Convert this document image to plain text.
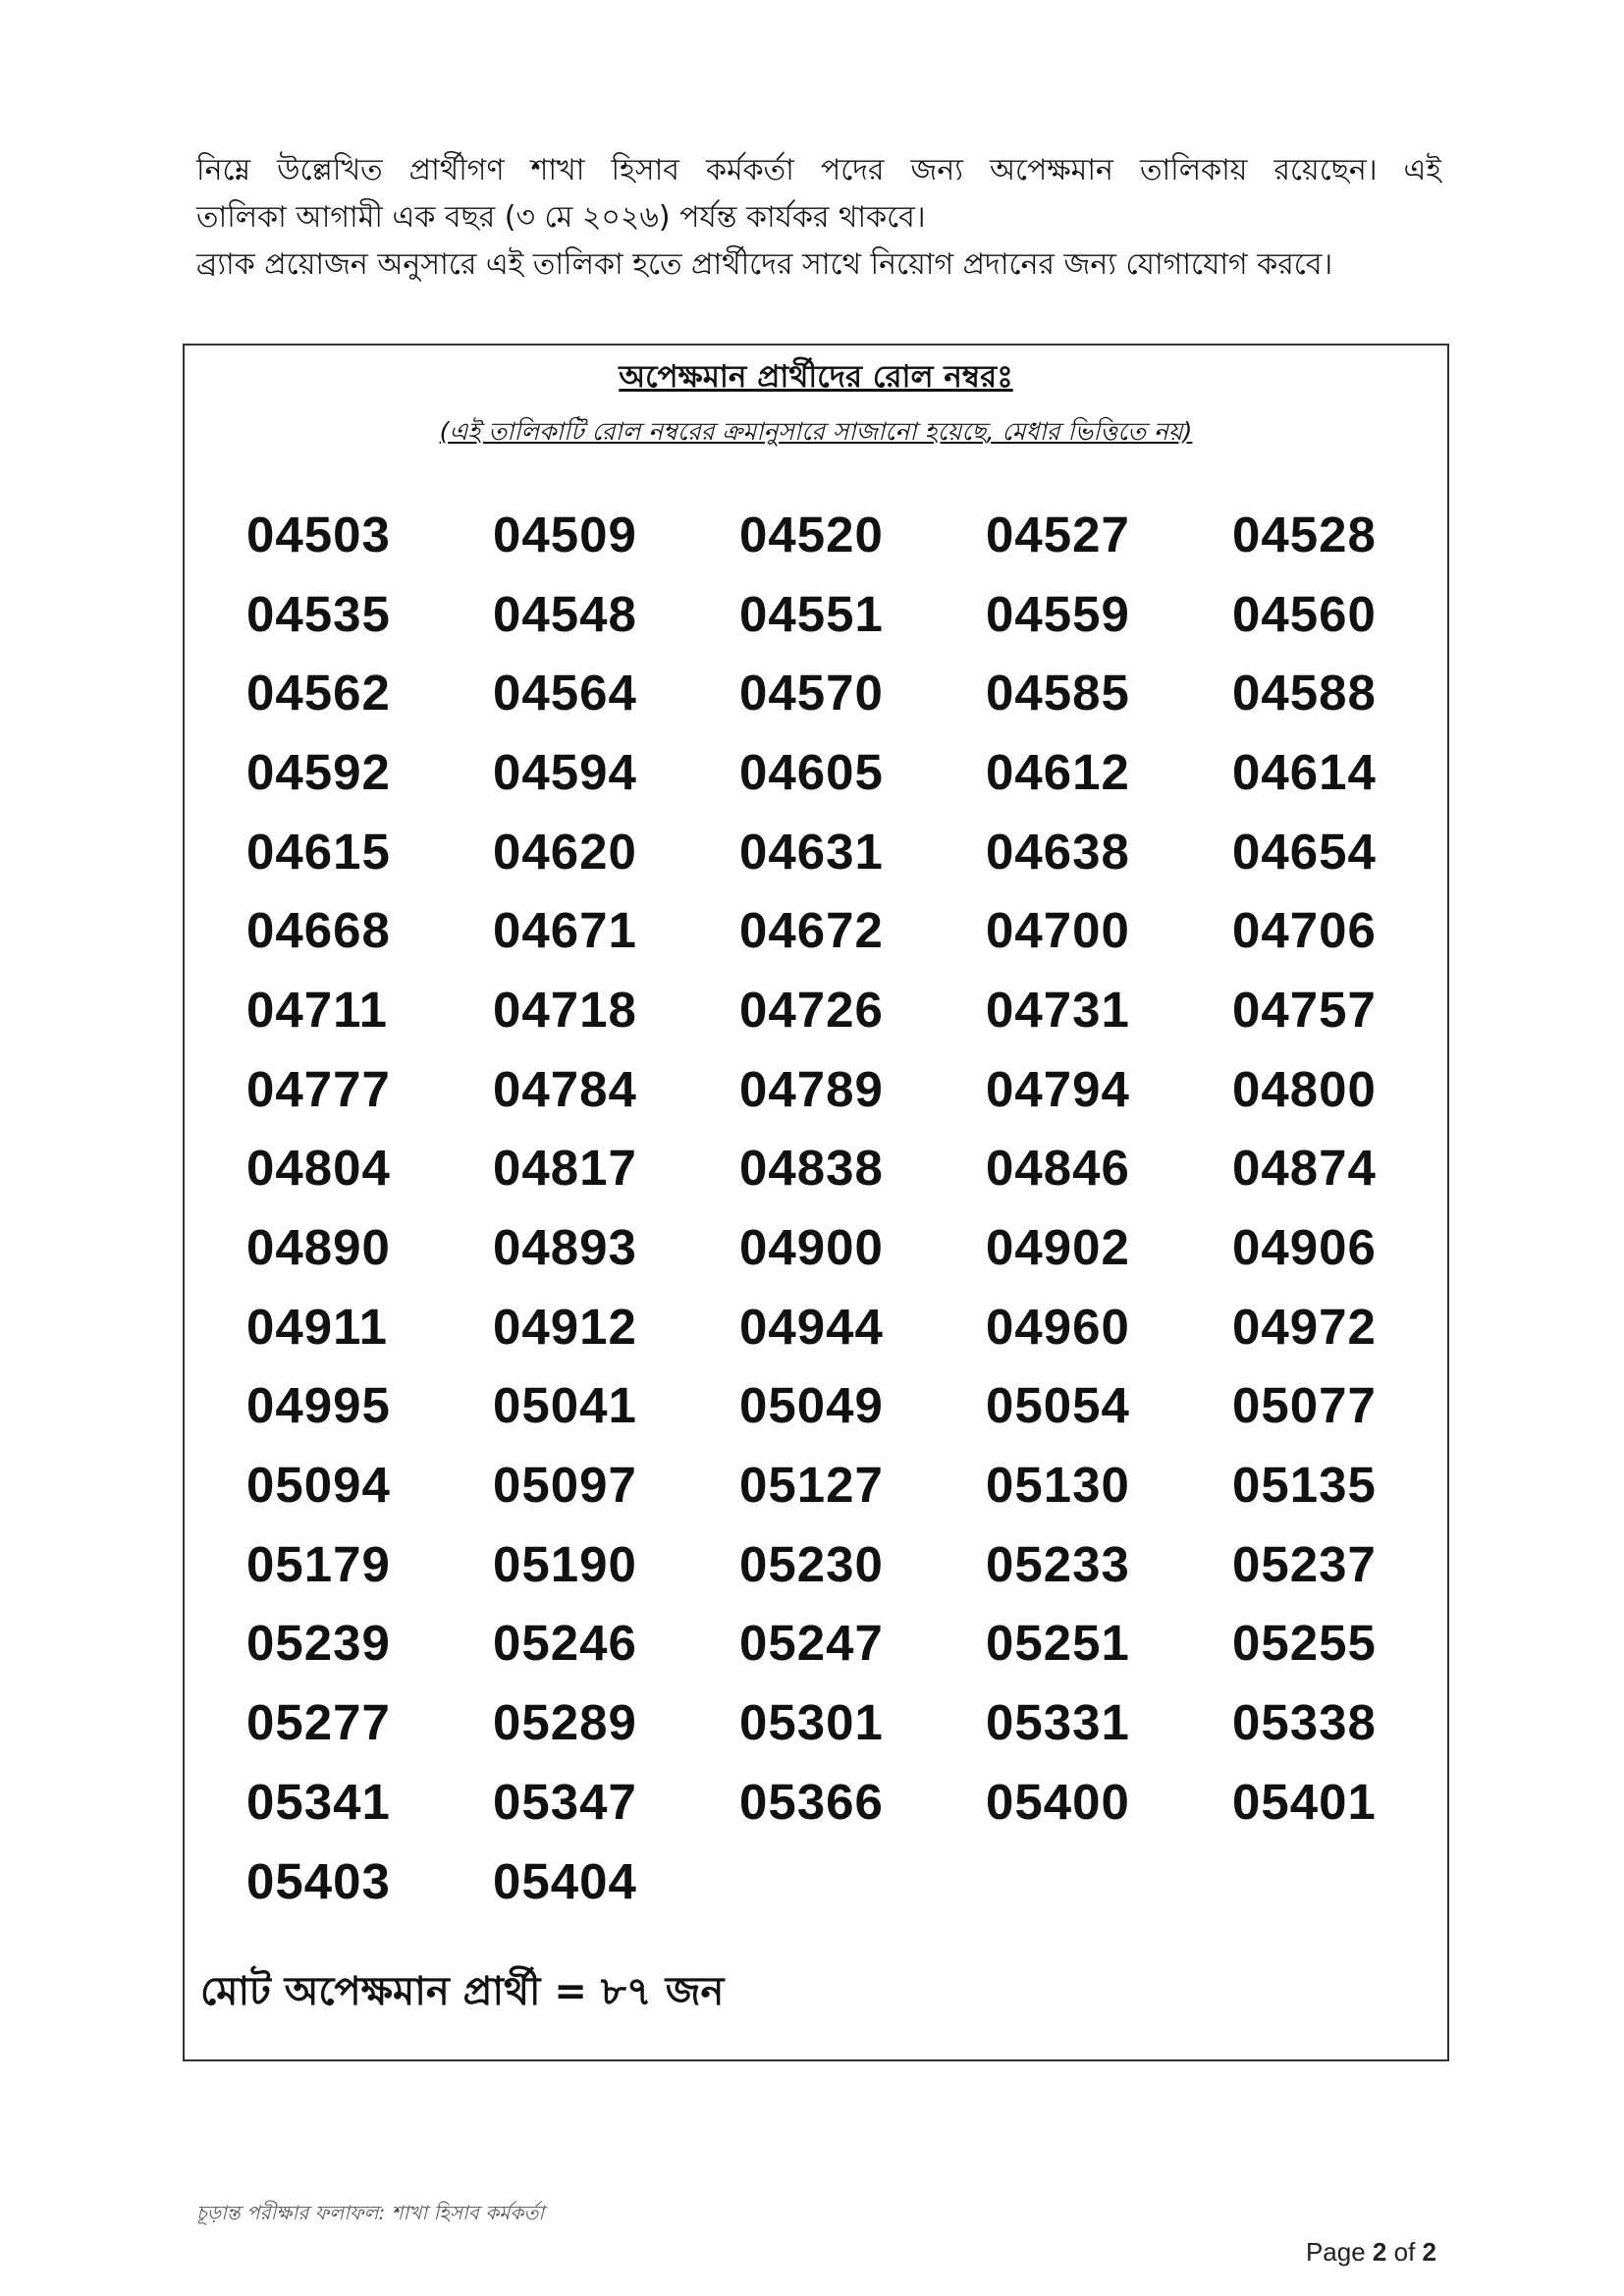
নিম্নে উল্লেখিত প্রার্থীগণ শাখা হিসাব কর্মকর্তা পদের জন্য অপেক্ষমান তালিকায় রয়েছেন। এই

তালিকা আগামী এক বছর (৩ মে ২০২৬) পর্যন্ত কার্যকর থাকবে।

ব্র্যাক প্রয়োজন অনুসারে এই তালিকা হতে প্রার্থীদের সাথে নিয়োগ প্রদানের জন্য যোগাযোগ করবে।

অপেক্ষমান প্রার্থীদের রোল নম্বরঃ
(এই তালিকাটি রোল নম্বরের ক্রমানুসারে সাজানো হয়েছে, মেধার ভিত্তিতে নয়)
04503	04509	04520	04527	04528
04535	04548	04551	04559	04560
04562	04564	04570	04585	04588
04592	04594	04605	04612	04614
04615	04620	04631	04638	04654
04668	04671	04672	04700	04706
04711	04718	04726	04731	04757
04777	04784	04789	04794	04800
04804	04817	04838	04846	04874
04890	04893	04900	04902	04906
04911	04912	04944	04960	04972
04995	05041	05049	05054	05077
05094	05097	05127	05130	05135
05179	05190	05230	05233	05237
05239	05246	05247	05251	05255
05277	05289	05301	05331	05338
05341	05347	05366	05400	05401
05403	05404
মোট অপেক্ষমান প্রার্থী = ৮৭ জন
চূড়ান্ত পরীক্ষার ফলাফল: শাখা হিসাব কর্মকর্তা
Page 2 of 2
